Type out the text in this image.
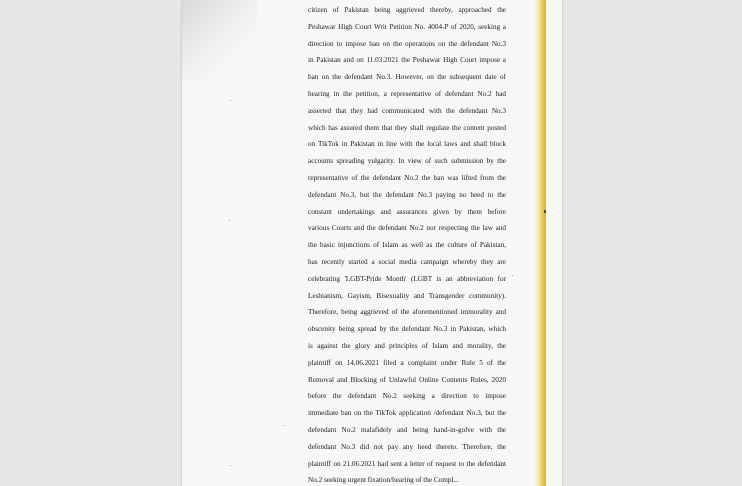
citizen of Pakistan being aggrieved thereby, approached the
Peshawar High Court Writ Petition No. 4004-P of 2020, seeking a
direction to impose ban on the operations on the defendant No.3
in Pakistan and on 11.03.2021 the Peshawar High Court impose a
ban on the defendant No.3. However, on the subsequent date of
hearing in the petition, a representative of defendant No.2 had
asserted that they had communicated with the defendant No.3
which has assured them that they shall regulate the content posted
on TikTok in Pakistan in line with the local laws and shall block
accounts spreading vulgarity. In view of such submission by the
representative of the defendant No.2 the ban was lifted from the
defendant No.3, but the defendant No.3 paying no heed to the
constant undertakings and assurances given by them before
various Courts and the defendant No.2 nor respecting the law and
the basic injunctions of Islam as well as the culture of Pakistan,
has recently started a social media campaign whereby they are
celebrating 'LGBT-Pride Month' (LGBT is an abbreviation for
Lesbianism, Gayism, Bisexuality and Transgender community).
Therefore, being aggrieved of the aforementioned immorality and
obscenity being spread by the defendant No.3 in Pakistan, which
is against the glory and principles of Islam and morality, the
plaintiff on 14.06.2021 filed a complaint under Rule 5 of the
Removal and Blocking of Unlawful Online Contents Rules, 2020
before the defendant No.2 seeking a direction to impose
immediate ban on the TikTok application /defendant No.3, but the
defendant No.2 malafidely and being hand-in-golve with the
defendant No.3 did not pay any heed thereto. Therefore, the
plaintiff on 21.06.2021 had sent a letter of request to the defendant
No.2 seeking urgent fixation/hearing of the Compl...
